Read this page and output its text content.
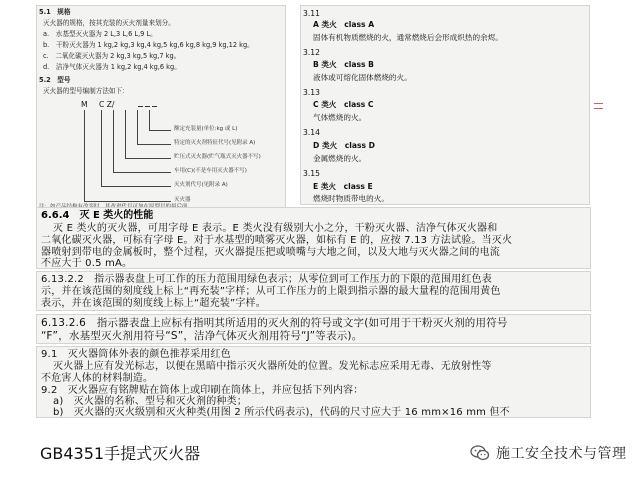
5.1　规格
灭火器的规格，按其充装的灭火剂量来划分。
a.　水基型灭火器为 2 L,3 L,6 L,9 L。
b.　干粉灭火器为 1 kg,2 kg,3 kg,4 kg,5 kg,6 kg,8 kg,9 kg,12 kg。
c.　二氧化碳灭火器为 2 kg,3 kg,5 kg,7 kg。
d.　洁净气体灭火器为 1 kg,2 kg,4 kg,6 kg。
5.2　型号
灭火器的型号编制方法如下：
M C Z/
额定充装量(单位:kg 或 L)
特定的灭火剂特征代号(见附录 A)
贮压式灭火器(贮气瓶式灭火器不写)
车用(C)(不是车用灭火器不写)
灭火剂代号(见附录 A)
灭火器
3.11
A 类火　class A
固体有机物质燃烧的火，通常燃烧后会形成炽热的余烬。
3.12
B 类火　class B
液体或可熔化固体燃烧的火。
3.13
C 类火　class C
气体燃烧的火。
3.14
D 类火　class D
金属燃烧的火。
3.15
E 类火　class E
燃烧时物质带电的火。
6.6.4　灭 E 类火的性能
灭 E 类火的灭火器，可用字母 E 表示。E 类火没有级别大小之分，干粉灭火器、洁净气体灭火器和
二氧化碳灭火器，可标有字母 E。对于水基型的喷雾灭火器，如标有 E 的，应按 7.13 方法试验。当灭火
器喷射到带电的金属板时，整个过程，灭火器提压把或喷嘴与大地之间，以及大地与灭火器之间的电流
不应大于 0.5 mA。
6.13.2.2　指示器表盘上可工作的压力范围用绿色表示；从零位到可工作压力的下限的范围用红色表
示，并在该范围的刻度线上标上“再充装”字样；从可工作压力的上限到指示器的最大量程的范围用黄色
表示，并在该范围的刻度线上标上“超充装”字样。
6.13.2.6　指示器表盘上应标有指明其所适用的灭火剂的符号或文字(如可用于干粉灭火剂的用符号
“F”，水基型灭火剂用符号“S”，洁净气体灭火剂用符号“J”等表示)。
9.1　灭火器筒体外表的颜色推荐采用红色
灭火器上应有发光标志，以便在黑暗中指示灭火器所处的位置。发光标志应采用无毒、无放射性等
不危害人体的材料制造。
9.2　灭火器应有铭牌贴在筒体上或印刷在筒体上，并应包括下列内容：
a)　灭火器的名称、型号和灭火剂的种类；
b)　灭火器的灭火级别和灭火种类(用图 2 所示代码表示)，代码的尺寸应大于 16 mm×16 mm 但不
GB4351手提式灭火器	施工安全技术与管理
